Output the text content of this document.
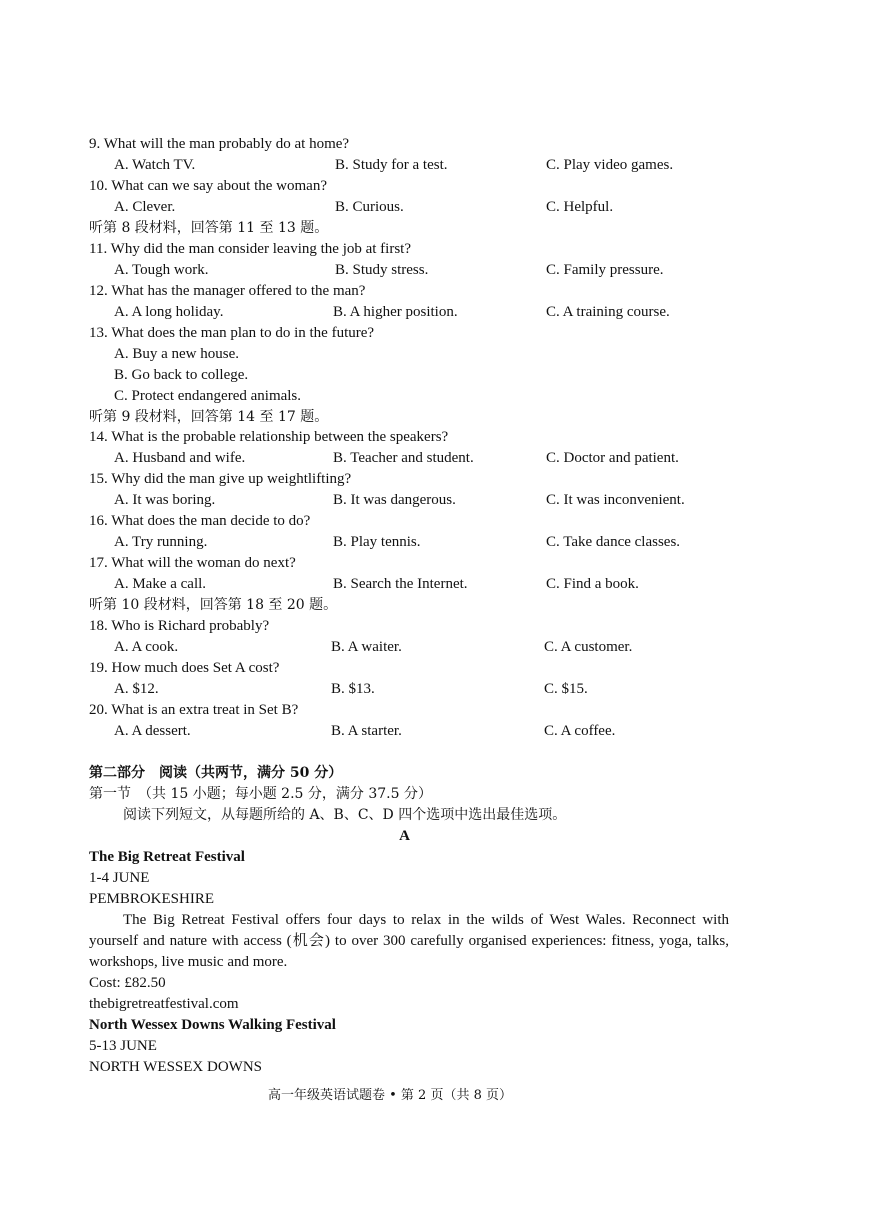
9. What will the man probably do at home?
A. Watch TV.	B. Study for a test.	C. Play video games.
10. What can we say about the woman?
A. Clever.	B. Curious.	C. Helpful.
听第 8 段材料，回答第 11 至 13 题。
11. Why did the man consider leaving the job at first?
A. Tough work.	B. Study stress.	C. Family pressure.
12. What has the manager offered to the man?
A. A long holiday.	B. A higher position.	C. A training course.
13. What does the man plan to do in the future?
A. Buy a new house.
B. Go back to college.
C. Protect endangered animals.
听第 9 段材料，回答第 14 至 17 题。
14. What is the probable relationship between the speakers?
A. Husband and wife.	B. Teacher and student.	C. Doctor and patient.
15. Why did the man give up weightlifting?
A. It was boring.	B. It was dangerous.	C. It was inconvenient.
16. What does the man decide to do?
A. Try running.	B. Play tennis.	C. Take dance classes.
17. What will the woman do next?
A. Make a call.	B. Search the Internet.	C. Find a book.
听第 10 段材料，回答第 18 至 20 题。
18. Who is Richard probably?
A. A cook.	B. A waiter.	C. A customer.
19. How much does Set A cost?
A. $12.	B. $13.	C. $15.
20. What is an extra treat in Set B?
A. A dessert.	B. A starter.	C. A coffee.
第二部分　阅读（共两节，满分 50 分）
第一节　（共 15 小题；每小题 2.5 分，满分 37.5 分）
阅读下列短文，从每题所给的 A、B、C、D 四个选项中选出最佳选项。
A
The Big Retreat Festival
1-4 JUNE
PEMBROKESHIRE
The Big Retreat Festival offers four days to relax in the wilds of West Wales. Reconnect with yourself and nature with access (机会) to over 300 carefully organised experiences: fitness, yoga, talks, workshops, live music and more.
Cost: £82.50
thebigretreatfestival.com
North Wessex Downs Walking Festival
5-13 JUNE
NORTH WESSEX DOWNS
高一年级英语试题卷 • 第 2 页（共 8 页）
